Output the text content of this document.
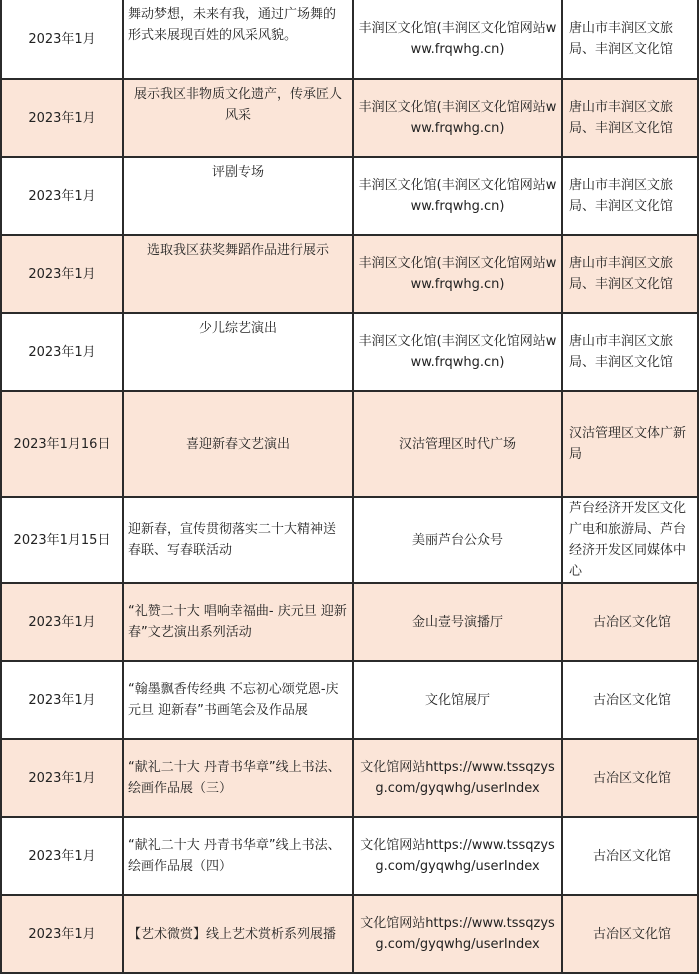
2023年1月	舞动梦想，未来有我，通过广场舞的形式来展现百姓的风采风貌。	丰润区文化馆(丰润区文化馆网站www.frqwhg.cn)	唐山市丰润区文旅局、丰润区文化馆
2023年1月	展示我区非物质文化遗产，传承匠人风采	丰润区文化馆(丰润区文化馆网站www.frqwhg.cn)	唐山市丰润区文旅局、丰润区文化馆
2023年1月	评剧专场	丰润区文化馆(丰润区文化馆网站www.frqwhg.cn)	唐山市丰润区文旅局、丰润区文化馆
2023年1月	选取我区获奖舞蹈作品进行展示	丰润区文化馆(丰润区文化馆网站www.frqwhg.cn)	唐山市丰润区文旅局、丰润区文化馆
2023年1月	少儿综艺演出	丰润区文化馆(丰润区文化馆网站www.frqwhg.cn)	唐山市丰润区文旅局、丰润区文化馆
2023年1月16日	喜迎新春文艺演出	汉沽管理区时代广场	汉沽管理区文体广新局
2023年1月15日	迎新春，宣传贯彻落实二十大精神送春联、写春联活动	美丽芦台公众号	芦台经济开发区文化广电和旅游局、芦台经济开发区同媒体中心
2023年1月	“礼赞二十大 唱响幸福曲- 庆元旦 迎新春”文艺演出系列活动	金山壹号演播厅	古冶区文化馆
2023年1月	“翰墨飘香传经典 不忘初心颂党恩-庆元旦 迎新春”书画笔会及作品展	文化馆展厅	古冶区文化馆
2023年1月	“献礼二十大 丹青书华章”线上书法、绘画作品展（三）	文化馆网站https://www.tssqzysg.com/gyqwhg/userIndex	古冶区文化馆
2023年1月	“献礼二十大 丹青书华章”线上书法、绘画作品展（四）	文化馆网站https://www.tssqzysg.com/gyqwhg/userIndex	古冶区文化馆
2023年1月	【艺术微赏】线上艺术赏析系列展播	文化馆网站https://www.tssqzysg.com/gyqwhg/userIndex	古冶区文化馆
